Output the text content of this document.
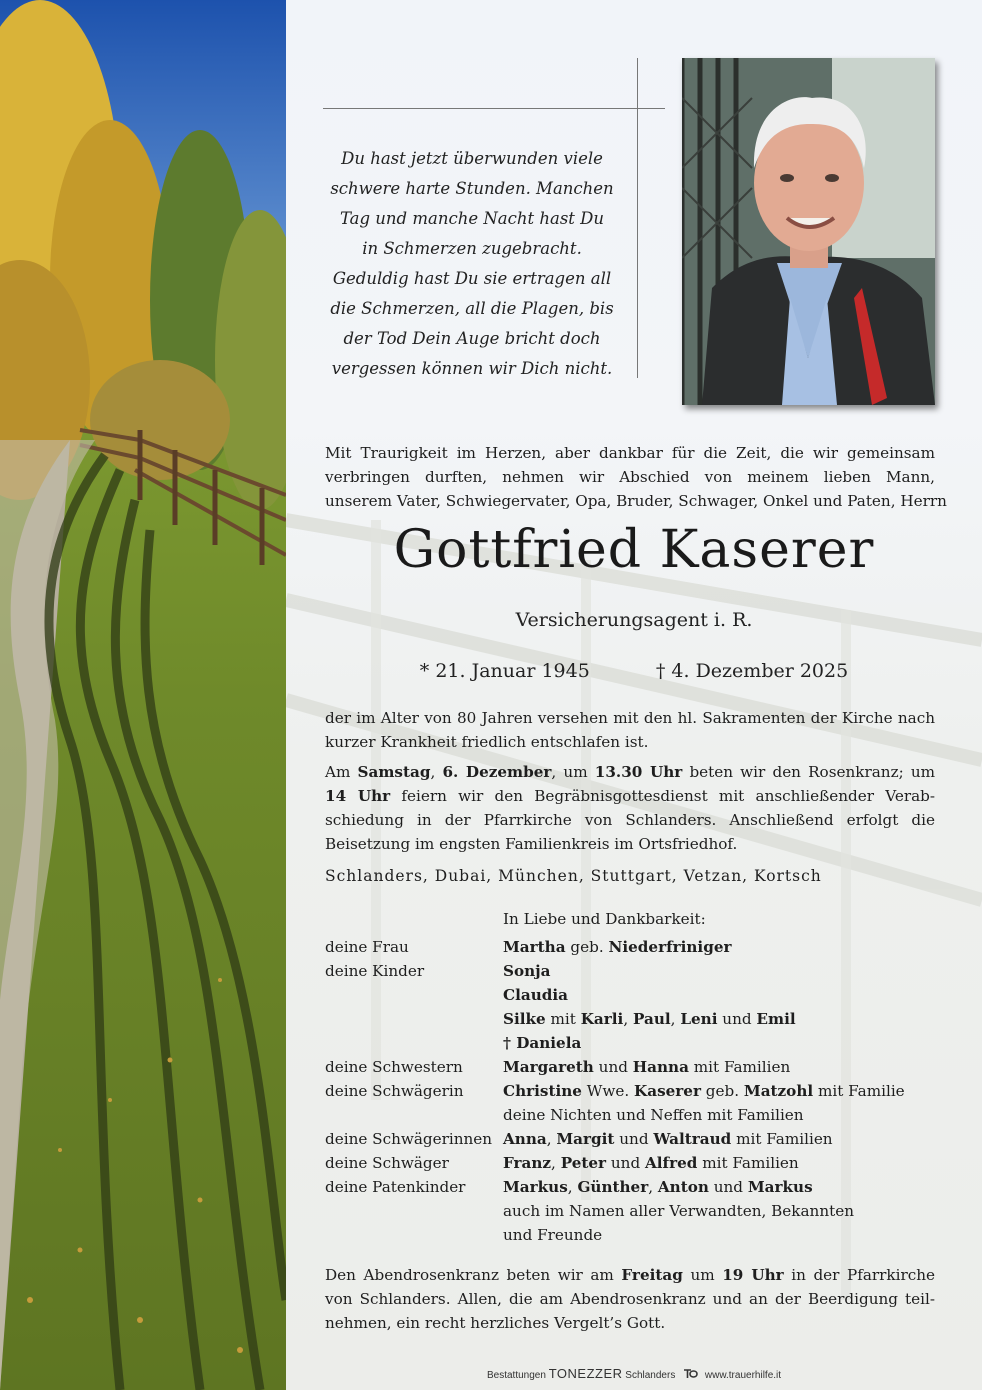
Du hast jetzt überwunden viele
schwere harte Stunden. Manchen
Tag und manche Nacht hast Du
in Schmerzen zugebracht.
Geduldig hast Du sie ertragen all
die Schmerzen, all die Plagen, bis
der Tod Dein Auge bricht doch
vergessen können wir Dich nicht.
Mit Traurigkeit im Herzen, aber dankbar für die Zeit, die wir gemeinsam
verbringen durften, nehmen wir Abschied von meinem lieben Mann,
unserem Vater, Schwiegervater, Opa, Bruder, Schwager, Onkel und Paten, Herrn
Gottfried Kaserer
Versicherungsagent i. R.
* 21. Januar 1945	† 4. Dezember 2025
der im Alter von 80 Jahren versehen mit den hl. Sakramenten der Kirche nach
kurzer Krankheit friedlich entschlafen ist.
Am Samstag, 6. Dezember, um 13.30 Uhr beten wir den Rosenkranz; um
14 Uhr feiern wir den Begräbnisgottesdienst mit anschließender Verab-
schiedung in der Pfarrkirche von Schlanders. Anschließend erfolgt die
Beisetzung im engsten Familienkreis im Ortsfriedhof.
Schlanders, Dubai, München, Stuttgart, Vetzan, Kortsch
In Liebe und Dankbarkeit:
deine Frau	Martha geb. Niederfriniger
deine Kinder	Sonja
Claudia
Silke mit Karli, Paul, Leni und Emil
† Daniela
deine Schwestern	Margareth und Hanna mit Familien
deine Schwägerin	Christine Wwe. Kaserer geb. Matzohl mit Familie
deine Nichten und Neffen mit Familien
deine Schwägerinnen Anna, Margit und Waltraud mit Familien
deine Schwäger	Franz, Peter und Alfred mit Familien
deine Patenkinder	Markus, Günther, Anton und Markus
auch im Namen aller Verwandten, Bekannten
und Freunde
Den Abendrosenkranz beten wir am Freitag um 19 Uhr in der Pfarrkirche
von Schlanders. Allen, die am Abendrosenkranz und an der Beerdigung teil-
nehmen, ein recht herzliches Vergelt’s Gott.
Bestattungen TONEZZER Schlanders	www.trauerhilfe.it
